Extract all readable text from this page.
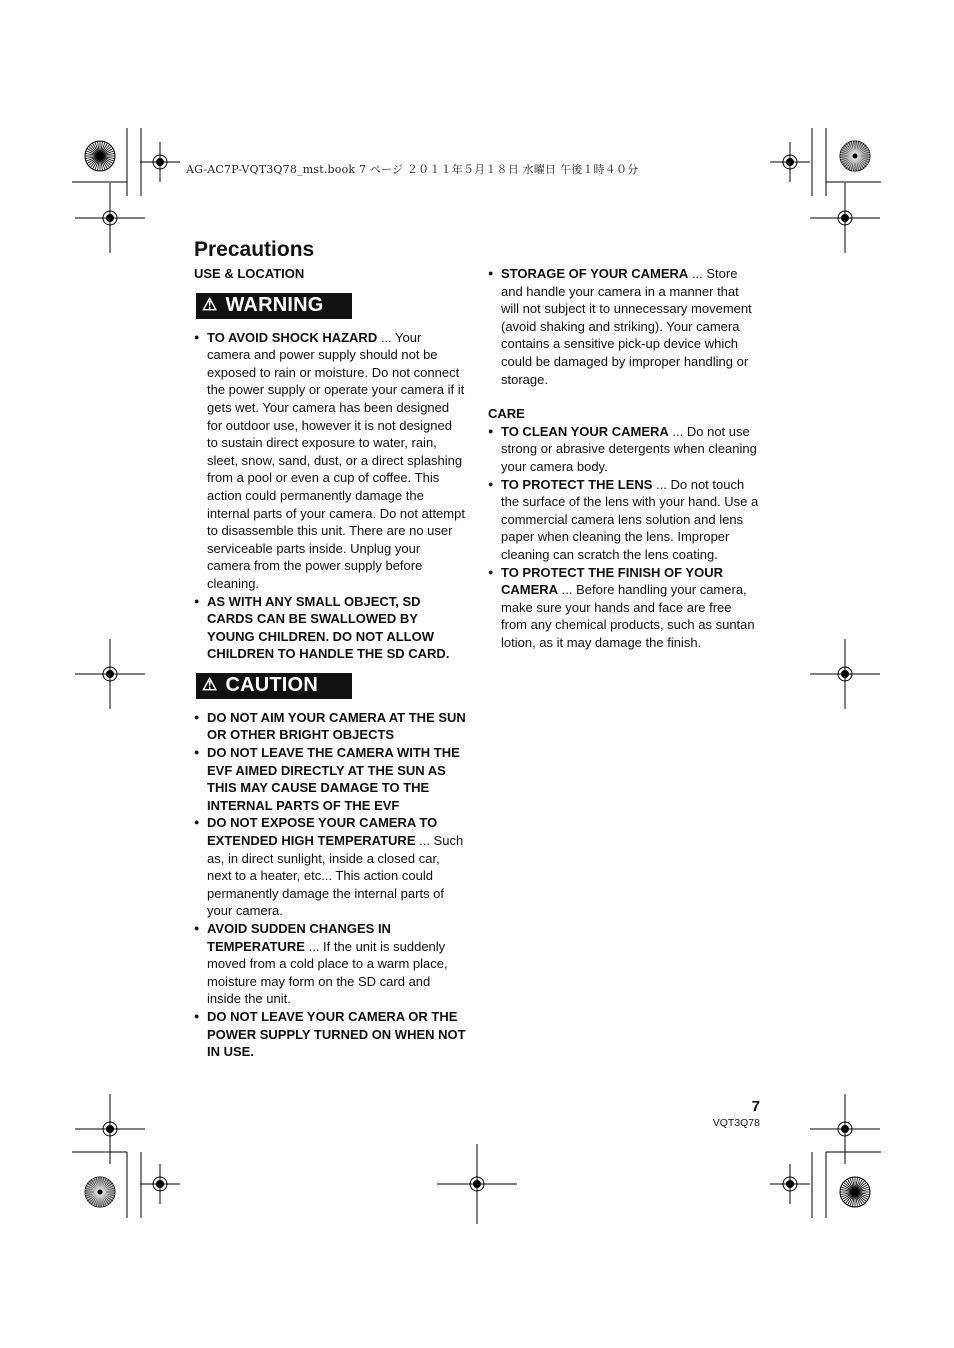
AG-AC7P-VQT3Q78_mst.book 7 ページ ２０１１年５月１８日 水曜日 午後１時４０分
Precautions

USE & LOCATION

⚠ WARNING
● TO AVOID SHOCK HAZARD ... Your camera and power supply should not be exposed to rain or moisture. Do not connect the power supply or operate your camera if it gets wet. Your camera has been designed for outdoor use, however it is not designed to sustain direct exposure to water, rain, sleet, snow, sand, dust, or a direct splashing from a pool or even a cup of coffee. This action could permanently damage the internal parts of your camera. Do not attempt to disassemble this unit. There are no user serviceable parts inside. Unplug your camera from the power supply before cleaning.
● AS WITH ANY SMALL OBJECT, SD CARDS CAN BE SWALLOWED BY YOUNG CHILDREN. DO NOT ALLOW CHILDREN TO HANDLE THE SD CARD.
⚠ CAUTION
● DO NOT AIM YOUR CAMERA AT THE SUN OR OTHER BRIGHT OBJECTS
● DO NOT LEAVE THE CAMERA WITH THE EVF AIMED DIRECTLY AT THE SUN AS THIS MAY CAUSE DAMAGE TO THE INTERNAL PARTS OF THE EVF
● DO NOT EXPOSE YOUR CAMERA TO EXTENDED HIGH TEMPERATURE ... Such as, in direct sunlight, inside a closed car, next to a heater, etc... This action could permanently damage the internal parts of your camera.
● AVOID SUDDEN CHANGES IN TEMPERATURE ... If the unit is suddenly moved from a cold place to a warm place, moisture may form on the SD card and inside the unit.
● DO NOT LEAVE YOUR CAMERA OR THE POWER SUPPLY TURNED ON WHEN NOT IN USE.
● STORAGE OF YOUR CAMERA ... Store and handle your camera in a manner that will not subject it to unnecessary movement (avoid shaking and striking). Your camera contains a sensitive pick-up device which could be damaged by improper handling or storage.

CARE

● TO CLEAN YOUR CAMERA ... Do not use strong or abrasive detergents when cleaning your camera body.
● TO PROTECT THE LENS ... Do not touch the surface of the lens with your hand. Use a commercial camera lens solution and lens paper when cleaning the lens. Improper cleaning can scratch the lens coating.
● TO PROTECT THE FINISH OF YOUR CAMERA ... Before handling your camera, make sure your hands and face are free from any chemical products, such as suntan lotion, as it may damage the finish.
7
VQT3Q78
